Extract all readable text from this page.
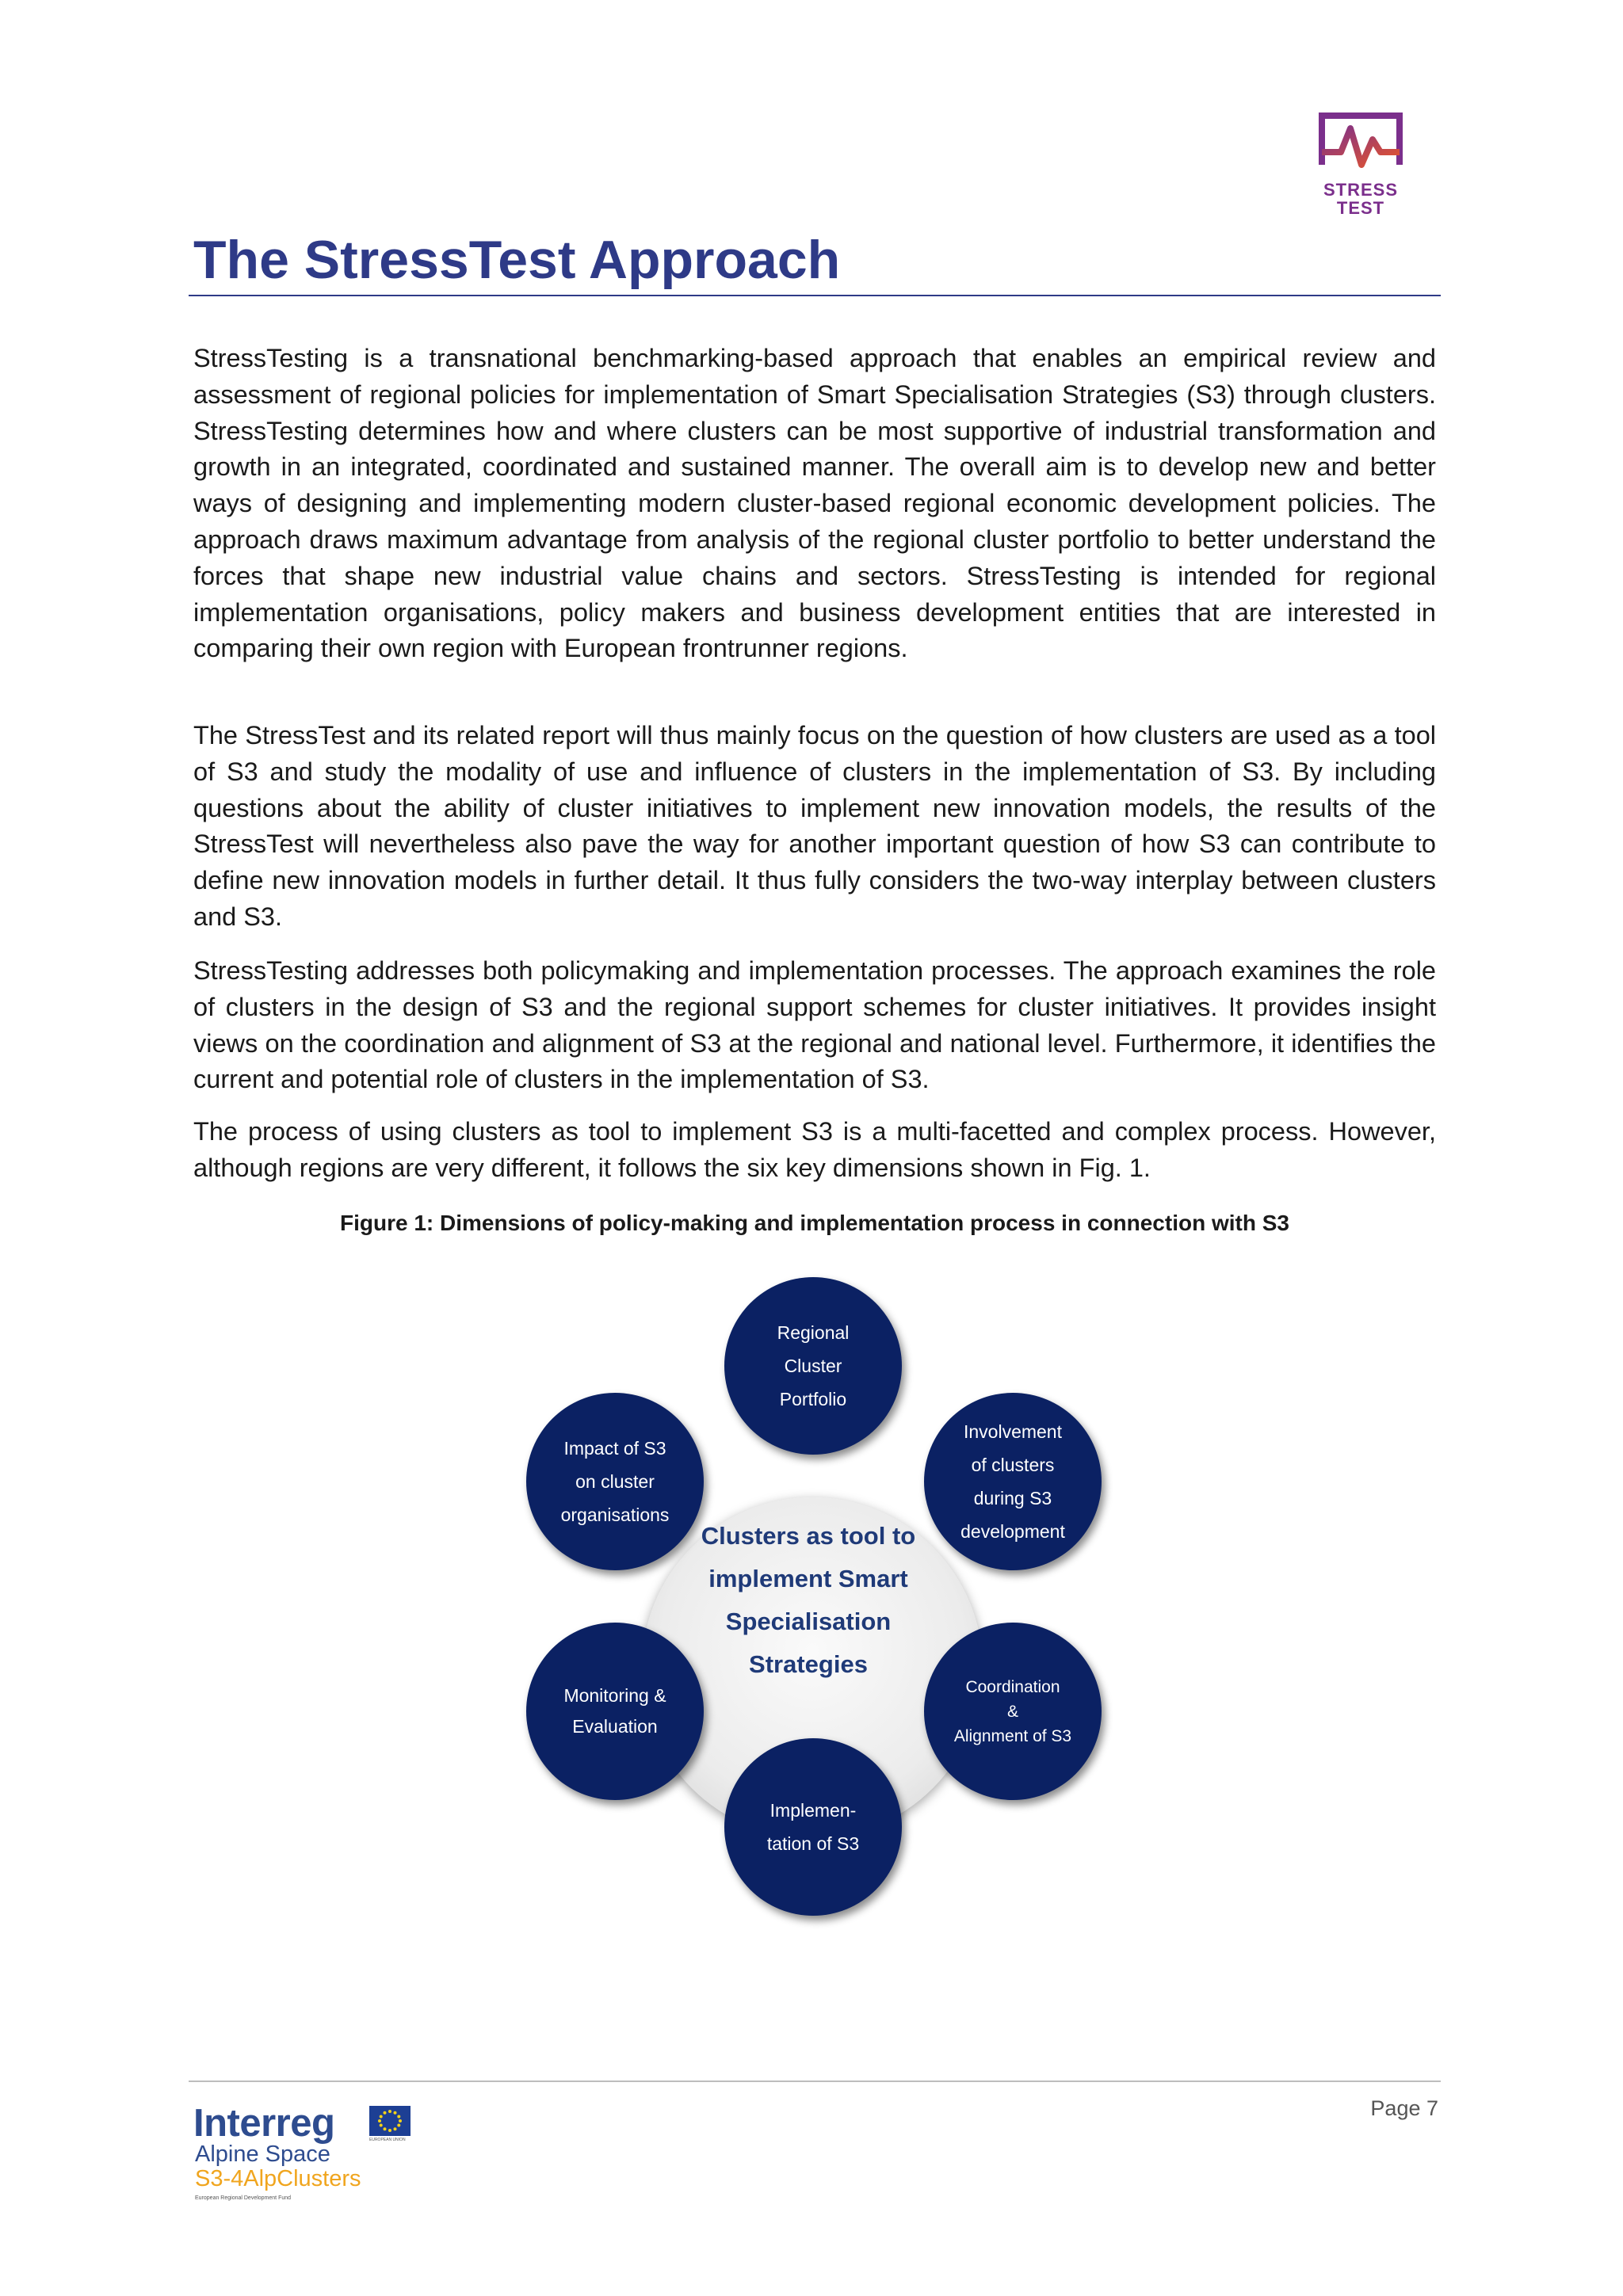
STRESS
TEST
The StressTest Approach

StressTesting is a transnational benchmarking-based approach that enables an empirical review and assessment of regional policies for implementation of Smart Specialisation Strategies (S3) through clusters. StressTesting determines how and where clusters can be most supportive of industrial transformation and growth in an integrated, coordinated and sustained manner. The overall aim is to develop new and better ways of designing and implementing modern cluster-based regional economic development policies. The approach draws maximum advantage from analysis of the regional cluster portfolio to better understand the forces that shape new industrial value chains and sectors. StressTesting is intended for regional implementation organisations, policy makers and business development entities that are interested in comparing their own region with European frontrunner regions.

The StressTest and its related report will thus mainly focus on the question of how clusters are used as a tool of S3 and study the modality of use and influence of clusters in the implementation of S3. By including questions about the ability of cluster initiatives to implement new innovation models, the results of the StressTest will nevertheless also pave the way for another important question of how S3 can contribute to define new innovation models in further detail. It thus fully considers the two-way interplay between clusters and S3.

StressTesting addresses both policymaking and implementation processes. The approach examines the role of clusters in the design of S3 and the regional support schemes for cluster initiatives. It provides insight views on the coordination and alignment of S3 at the regional and national level. Furthermore, it identifies the current and potential role of clusters in the implementation of S3.

The process of using clusters as tool to implement S3 is a multi-facetted and complex process. However, although regions are very different, it follows the six key dimensions shown in Fig. 1.

Figure 1: Dimensions of policy-making and implementation process in connection with S3

Clusters as tool to
implement Smart
Specialisation
Strategies
Regional
Cluster
Portfolio
Involvement
of clusters
during S3
development
Coordination
&
Alignment of S3
Implemen-
tation of S3
Monitoring &
Evaluation
Impact of S3
on cluster
organisations
Page 7
Interreg	EUROPEAN UNION
Alpine Space
S3-4AlpClusters
European Regional Development Fund
